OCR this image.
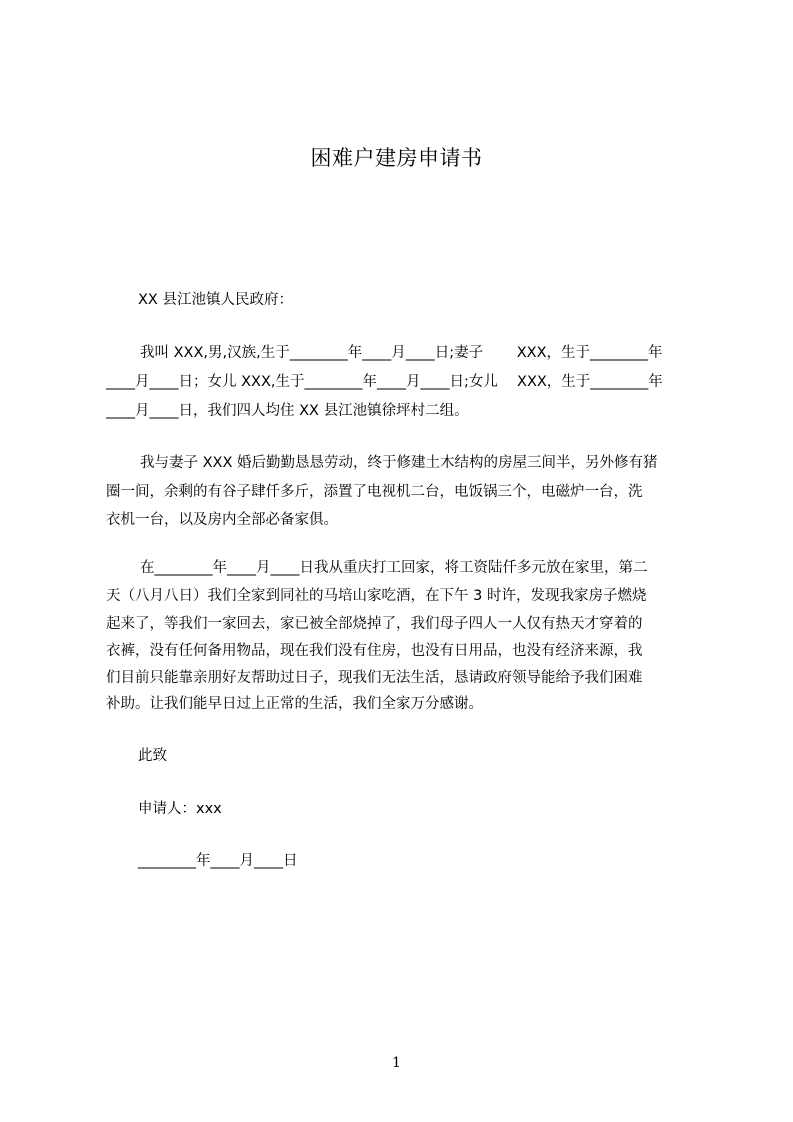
困难户建房申请书
XX 县江池镇人民政府：
我叫 XXX,男,汉族,生于________年____月____日;妻子　　 XXX，生于________年
____月____日；女儿 XXX,生于________年____月____日;女儿　 XXX，生于________年
____月____日，我们四人均住 XX 县江池镇徐坪村二组。
我与妻子 XXX 婚后勤勤恳恳劳动，终于修建土木结构的房屋三间半，另外修有猪
圈一间，余剩的有谷子肆仟多斤，添置了电视机二台，电饭锅三个，电磁炉一台，洗
衣机一台，以及房内全部必备家俱。
在________年____月____日我从重庆打工回家，将工资陆仟多元放在家里，第二
天（八月八日）我们全家到同社的马培山家吃酒，在下午 3 时许，发现我家房子燃烧
起来了，等我们一家回去，家已被全部烧掉了，我们母子四人一人仅有热天才穿着的
衣裤，没有任何备用物品，现在我们没有住房，也没有日用品，也没有经济来源，我
们目前只能靠亲朋好友帮助过日子，现我们无法生活，恳请政府领导能给予我们困难
补助。让我们能早日过上正常的生活，我们全家万分感谢。
此致
申请人：xxx
________年____月____日
1
